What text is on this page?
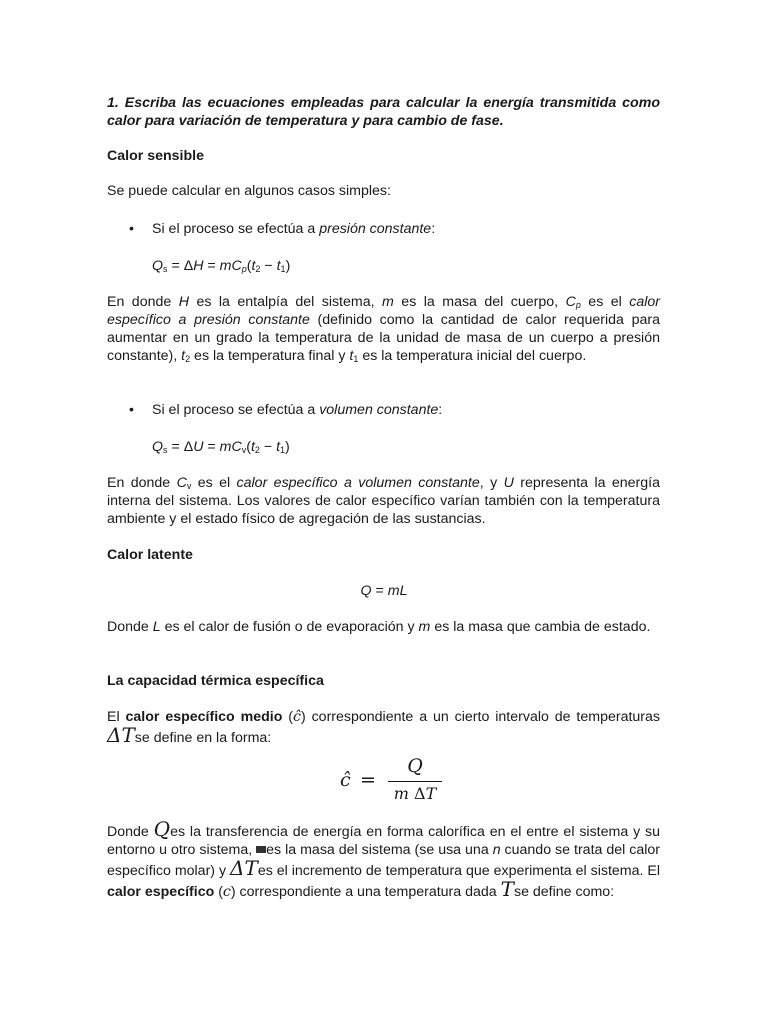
1. Escriba las ecuaciones empleadas para calcular la energía transmitida como calor para variación de temperatura y para cambio de fase.

Calor sensible

Se puede calcular en algunos casos simples:

• Si el proceso se efectúa a presión constante:

$Q_s = \Delta H = mC_p(t_2 - t_1)$

En donde H es la entalpía del sistema, m es la masa del cuerpo, $C_p$ es el calor específico a presión constante (definido como la cantidad de calor requerida para aumentar en un grado la temperatura de la unidad de masa de un cuerpo a presión constante), $t_2$ es la temperatura final y $t_1$ es la temperatura inicial del cuerpo.

• Si el proceso se efectúa a volumen constante:

$Q_s = \Delta U = mC_v(t_2 - t_1)$

En donde $C_v$ es el calor específico a volumen constante, y U representa la energía interna del sistema. Los valores de calor específico varían también con la temperatura ambiente y el estado físico de agregación de las sustancias.

Calor latente

Q = mL

Donde L es el calor de fusión o de evaporación y m es la masa que cambia de estado.

La capacidad térmica específica

El calor específico medio (ĉ) correspondiente a un cierto intervalo de temperaturas ΔTse define en la forma:

ĉ =
Q
m ΔT

Donde Qes la transferencia de energía en forma calorífica en el entre el sistema y su entorno u otro sistema, es la masa del sistema (se usa una n cuando se trata del calor específico molar) y ΔTes el incremento de temperatura que experimenta el sistema. El calor específico (c) correspondiente a una temperatura dada Tse define como:
